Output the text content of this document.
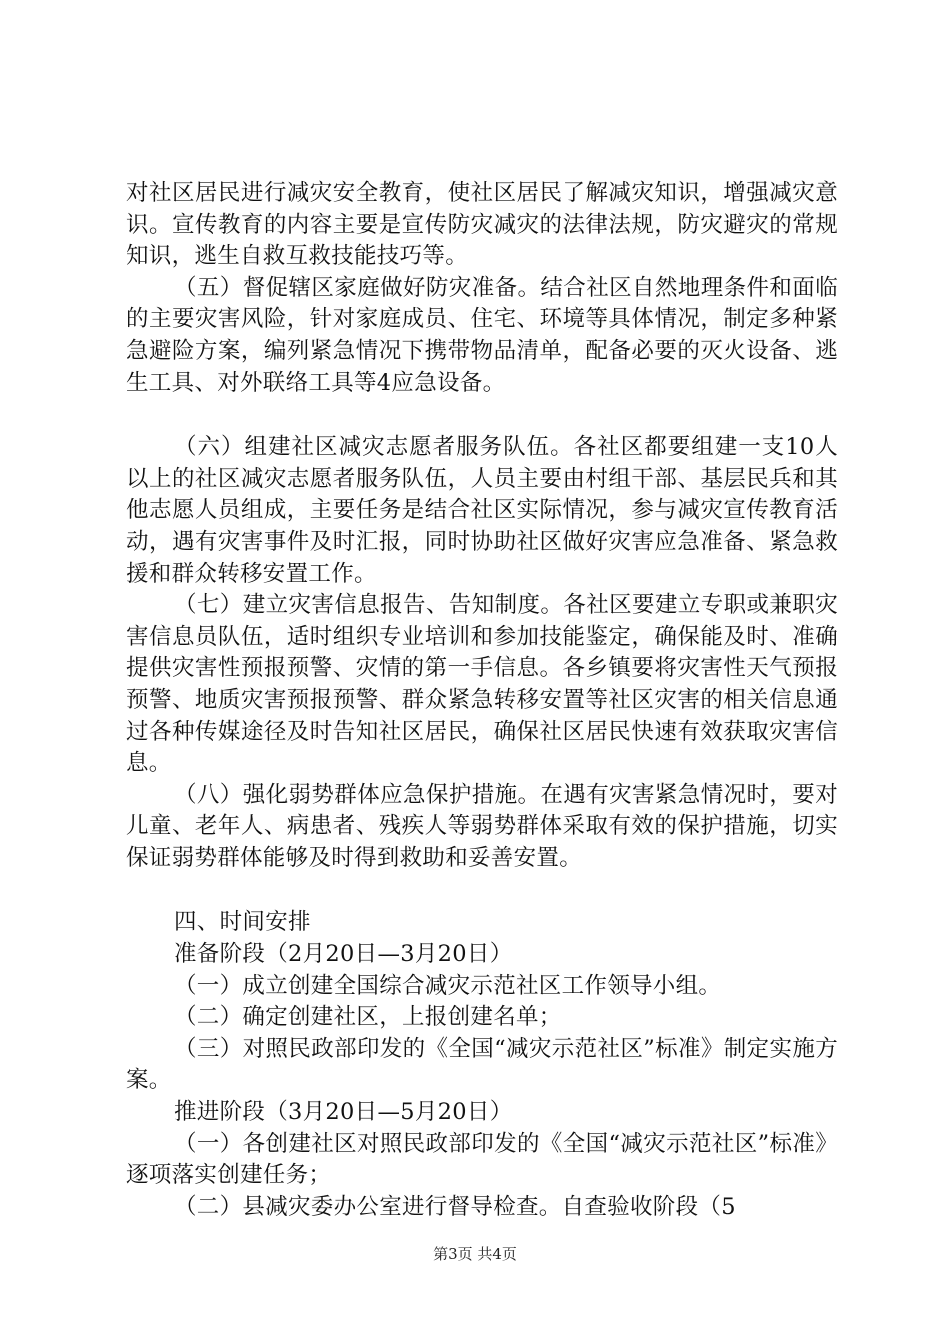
对社区居民进行减灾安全教育，使社区居民了解减灾知识，增强减灾意识。宣传教育的内容主要是宣传防灾减灾的法律法规，防灾避灾的常规知识，逃生自救互救技能技巧等。

（五）督促辖区家庭做好防灾准备。结合社区自然地理条件和面临的主要灾害风险，针对家庭成员、住宅、环境等具体情况，制定多种紧急避险方案，编列紧急情况下携带物品清单，配备必要的灭火设备、逃生工具、对外联络工具等4应急设备。

（六）组建社区减灾志愿者服务队伍。各社区都要组建一支10人以上的社区减灾志愿者服务队伍，人员主要由村组干部、基层民兵和其他志愿人员组成，主要任务是结合社区实际情况，参与减灾宣传教育活动，遇有灾害事件及时汇报，同时协助社区做好灾害应急准备、紧急救援和群众转移安置工作。

（七）建立灾害信息报告、告知制度。各社区要建立专职或兼职灾害信息员队伍，适时组织专业培训和参加技能鉴定，确保能及时、准确提供灾害性预报预警、灾情的第一手信息。各乡镇要将灾害性天气预报预警、地质灾害预报预警、群众紧急转移安置等社区灾害的相关信息通过各种传媒途径及时告知社区居民，确保社区居民快速有效获取灾害信息。

（八）强化弱势群体应急保护措施。在遇有灾害紧急情况时，要对儿童、老年人、病患者、残疾人等弱势群体采取有效的保护措施，切实保证弱势群体能够及时得到救助和妥善安置。

四、时间安排

准备阶段（2月20日—3月20日）

（一）成立创建全国综合减灾示范社区工作领导小组。

（二）确定创建社区，上报创建名单；

（三）对照民政部印发的《全国“减灾示范社区”标准》制定实施方案。

推进阶段（3月20日—5月20日）

（一）各创建社区对照民政部印发的《全国“减灾示范社区”标准》逐项落实创建任务；

（二）县减灾委办公室进行督导检查。自查验收阶段（5

第3页 共4页
